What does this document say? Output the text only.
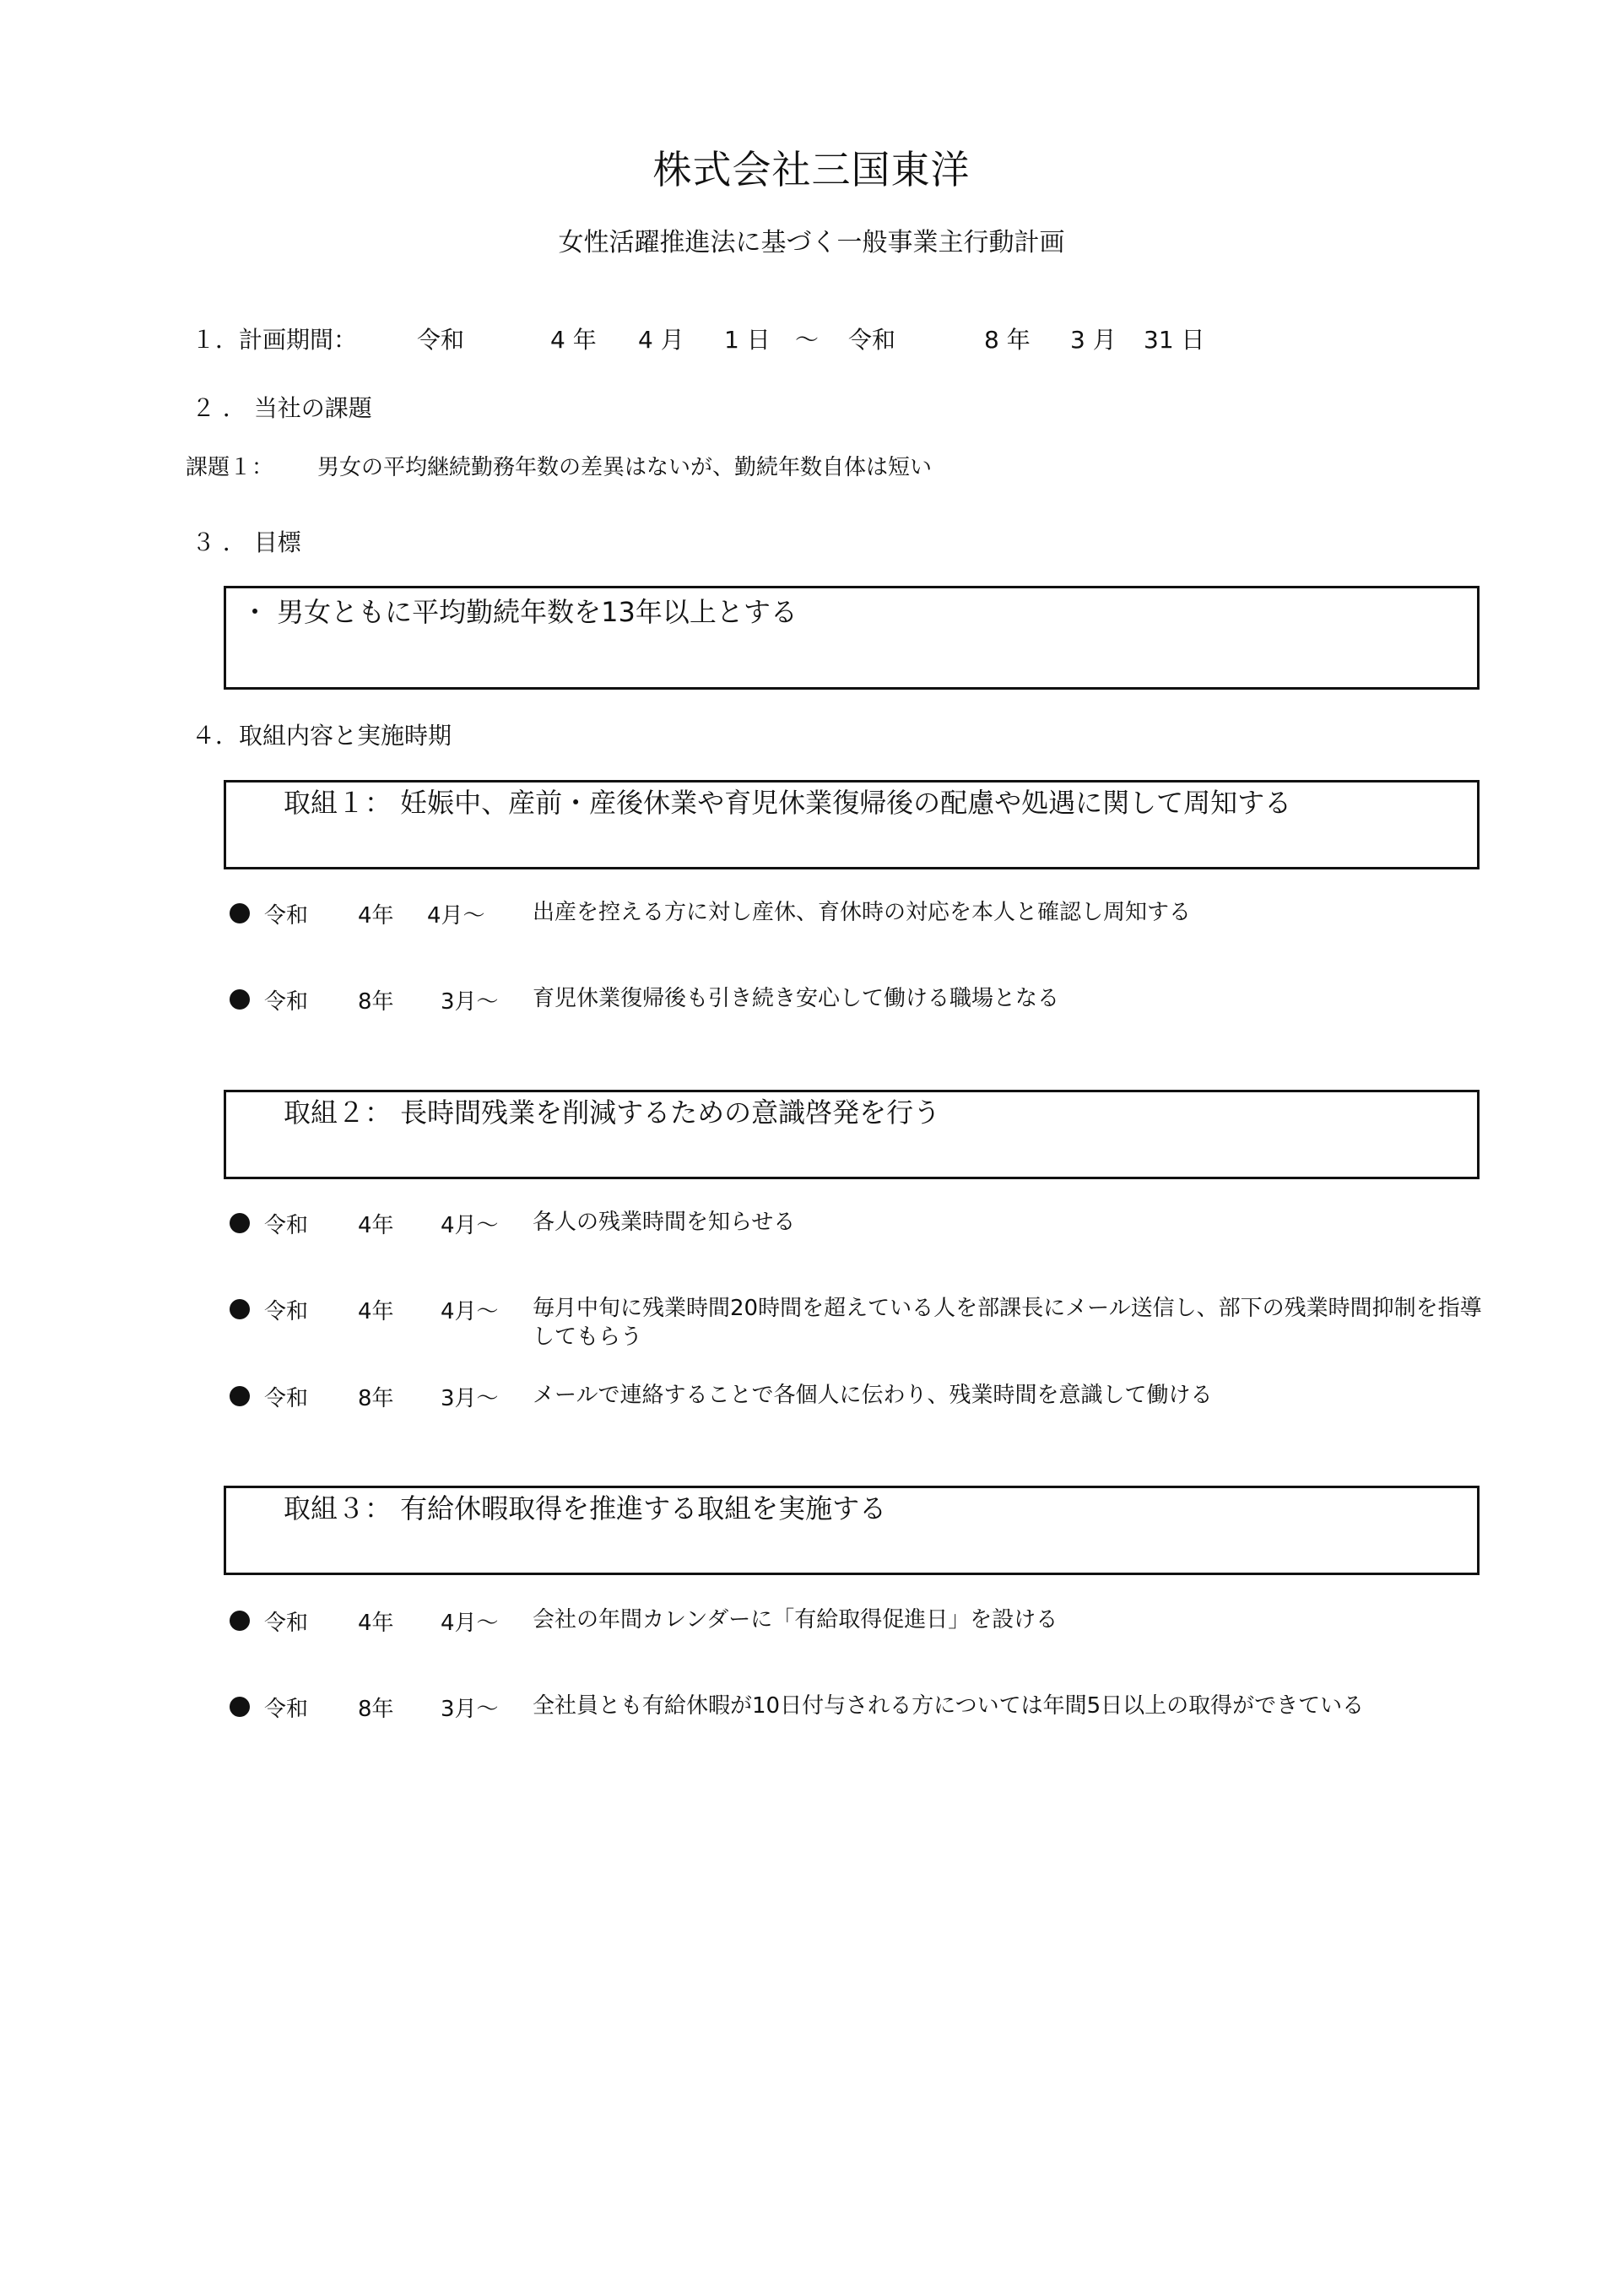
株式会社三国東洋
女性活躍推進法に基づく一般事業主行動計画
１．計画期間：	令和	4 年 4 月 1 日 ～ 令和	8 年 3 月 31 日
２ ． 当社の課題
課題１： 男女の平均継続勤務年数の差異はないが、勤続年数自体は短い
３ ． 目標
・ 男女ともに平均勤続年数を13年以上とする
４．取組内容と実施時期
取組１： 妊娠中、産前・産後休業や育児休業復帰後の配慮や処遇に関して周知する
令和 4年 4月～ 出産を控える方に対し産休、育休時の対応を本人と確認し周知する
令和 8年 3月～ 育児休業復帰後も引き続き安心して働ける職場となる
取組２： 長時間残業を削減するための意識啓発を行う
令和 4年 4月～ 各人の残業時間を知らせる
令和 4年 4月～ 毎月中旬に残業時間20時間を超えている人を部課長にメール送信し、部下の残業時間抑制を指導してもらう
令和 8年 3月～ メールで連絡することで各個人に伝わり、残業時間を意識して働ける
取組３： 有給休暇取得を推進する取組を実施する
令和 4年 4月～ 会社の年間カレンダーに「有給取得促進日」を設ける
令和 8年 3月～ 全社員とも有給休暇が10日付与される方については年間5日以上の取得ができている
